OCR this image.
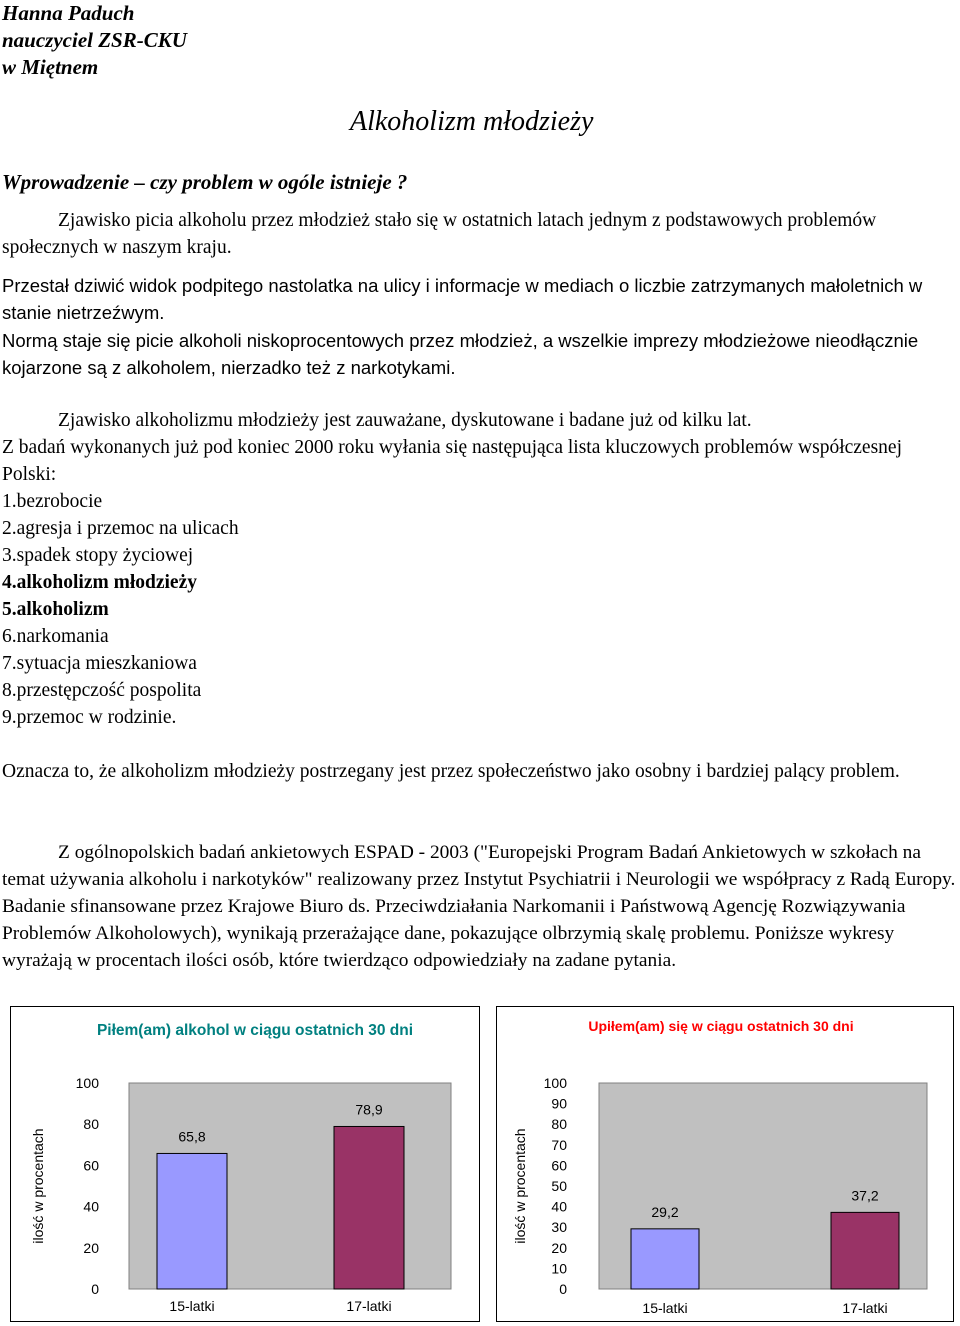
Hanna Paduch
nauczyciel ZSR-CKU
w Miętnem
Alkoholizm młodzieży
Wprowadzenie – czy problem w ogóle istnieje ?

Zjawisko picia alkoholu przez młodzież stało się w ostatnich latach jednym z podstawowych problemów społecznych w naszym kraju.

Przestał dziwić widok podpitego nastolatka na ulicy i informacje w mediach o liczbie zatrzymanych małoletnich w stanie nietrzeźwym.

Normą staje się picie alkoholi niskoprocentowych przez młodzież, a wszelkie imprezy młodzieżowe nieodłącznie kojarzone są z alkoholem, nierzadko też z narkotykami.

Zjawisko alkoholizmu młodzieży jest zauważane, dyskutowane i badane już od kilku lat.

Z badań wykonanych już pod koniec 2000 roku wyłania się następująca lista kluczowych problemów współczesnej Polski:

1.bezrobocie
2.agresja i przemoc na ulicach
3.spadek stopy życiowej
4.alkoholizm młodzieży
5.alkoholizm
6.narkomania
7.sytuacja mieszkaniowa
8.przestępczość pospolita
9.przemoc w rodzinie.

Oznacza to, że alkoholizm młodzieży postrzegany jest przez społeczeństwo jako osobny i bardziej palący problem.

Z ogólnopolskich badań ankietowych ESPAD - 2003 ("Europejski Program Badań Ankietowych w szkołach na temat używania alkoholu i narkotyków" realizowany przez Instytut Psychiatrii i Neurologii we współpracy z Radą Europy. Badanie sfinansowane przez Krajowe Biuro ds. Przeciwdziałania Narkomanii i Państwową Agencję Rozwiązywania Problemów Alkoholowych), wynikają przerażające dane, pokazujące olbrzymią skalę problemu. Poniższe wykresy wyrażają w procentach ilości osób, które twierdząco odpowiedziały na zadane pytania.

Piłem(am) alkohol w ciągu ostatnich 30 dni
ilość w procentach
0
20
40
60
80
100
65,8
15-latki
78,9
17-latki
Upiłem(am) się w ciągu ostatnich 30 dni
ilość w procentach
0
10
20
30
40
50
60
70
80
90
100
29,2
15-latki
37,2
17-latki
